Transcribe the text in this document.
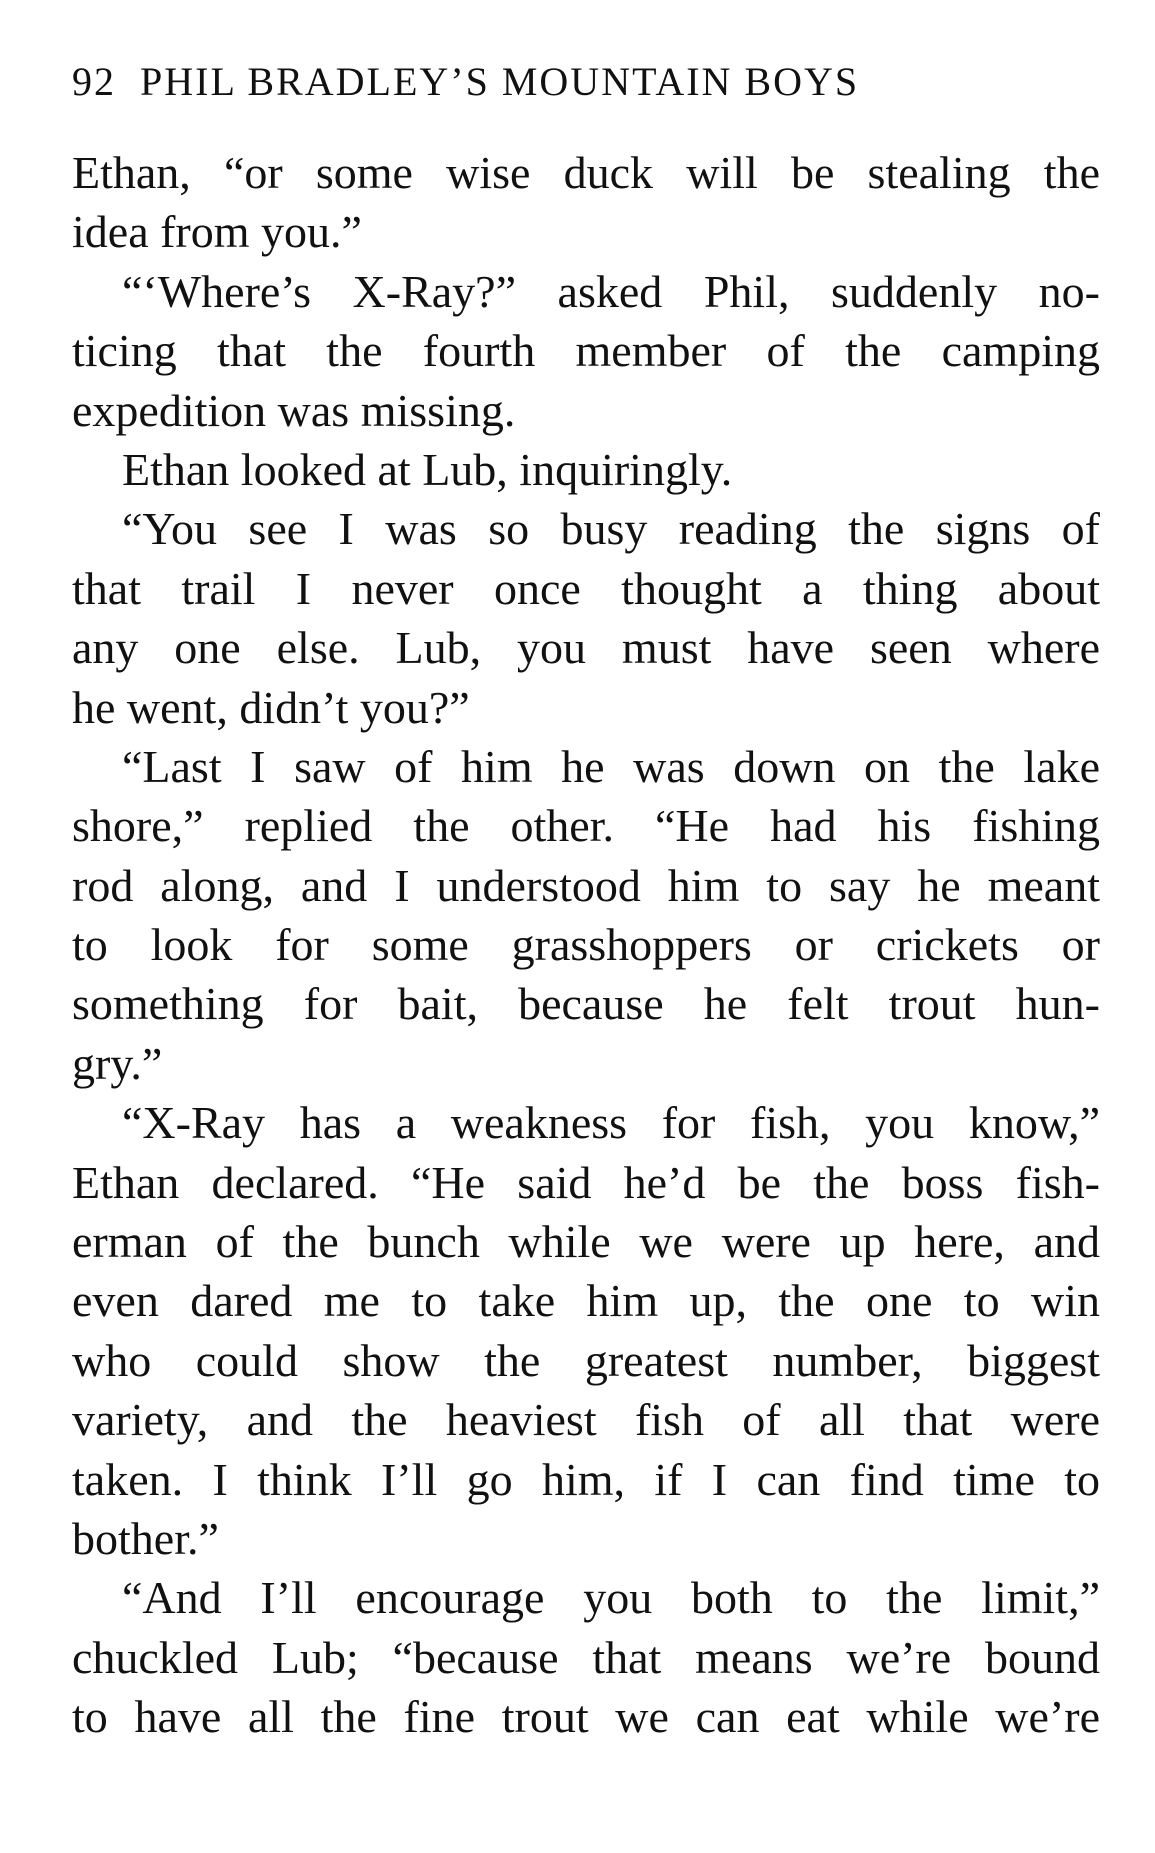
92 PHIL BRADLEY’S MOUNTAIN BOYS
Ethan, “or some wise duck will be stealing the
idea from you.”
“‘Where’s X-Ray?” asked Phil, suddenly no-
ticing that the fourth member of the camping
expedition was missing.
Ethan looked at Lub, inquiringly.
“You see I was so busy reading the signs of
that trail I never once thought a thing about
any one else. Lub, you must have seen where
he went, didn’t you?”
“Last I saw of him he was down on the lake
shore,” replied the other. “He had his fishing
rod along, and I understood him to say he meant
to look for some grasshoppers or crickets or
something for bait, because he felt trout hun-
gry.”
“X-Ray has a weakness for fish, you know,”
Ethan declared. “He said he’d be the boss fish-
erman of the bunch while we were up here, and
even dared me to take him up, the one to win
who could show the greatest number, biggest
variety, and the heaviest fish of all that were
taken. I think I’ll go him, if I can find time to
bother.”
“And I’ll encourage you both to the limit,”
chuckled Lub; “because that means we’re bound
to have all the fine trout we can eat while we’re
